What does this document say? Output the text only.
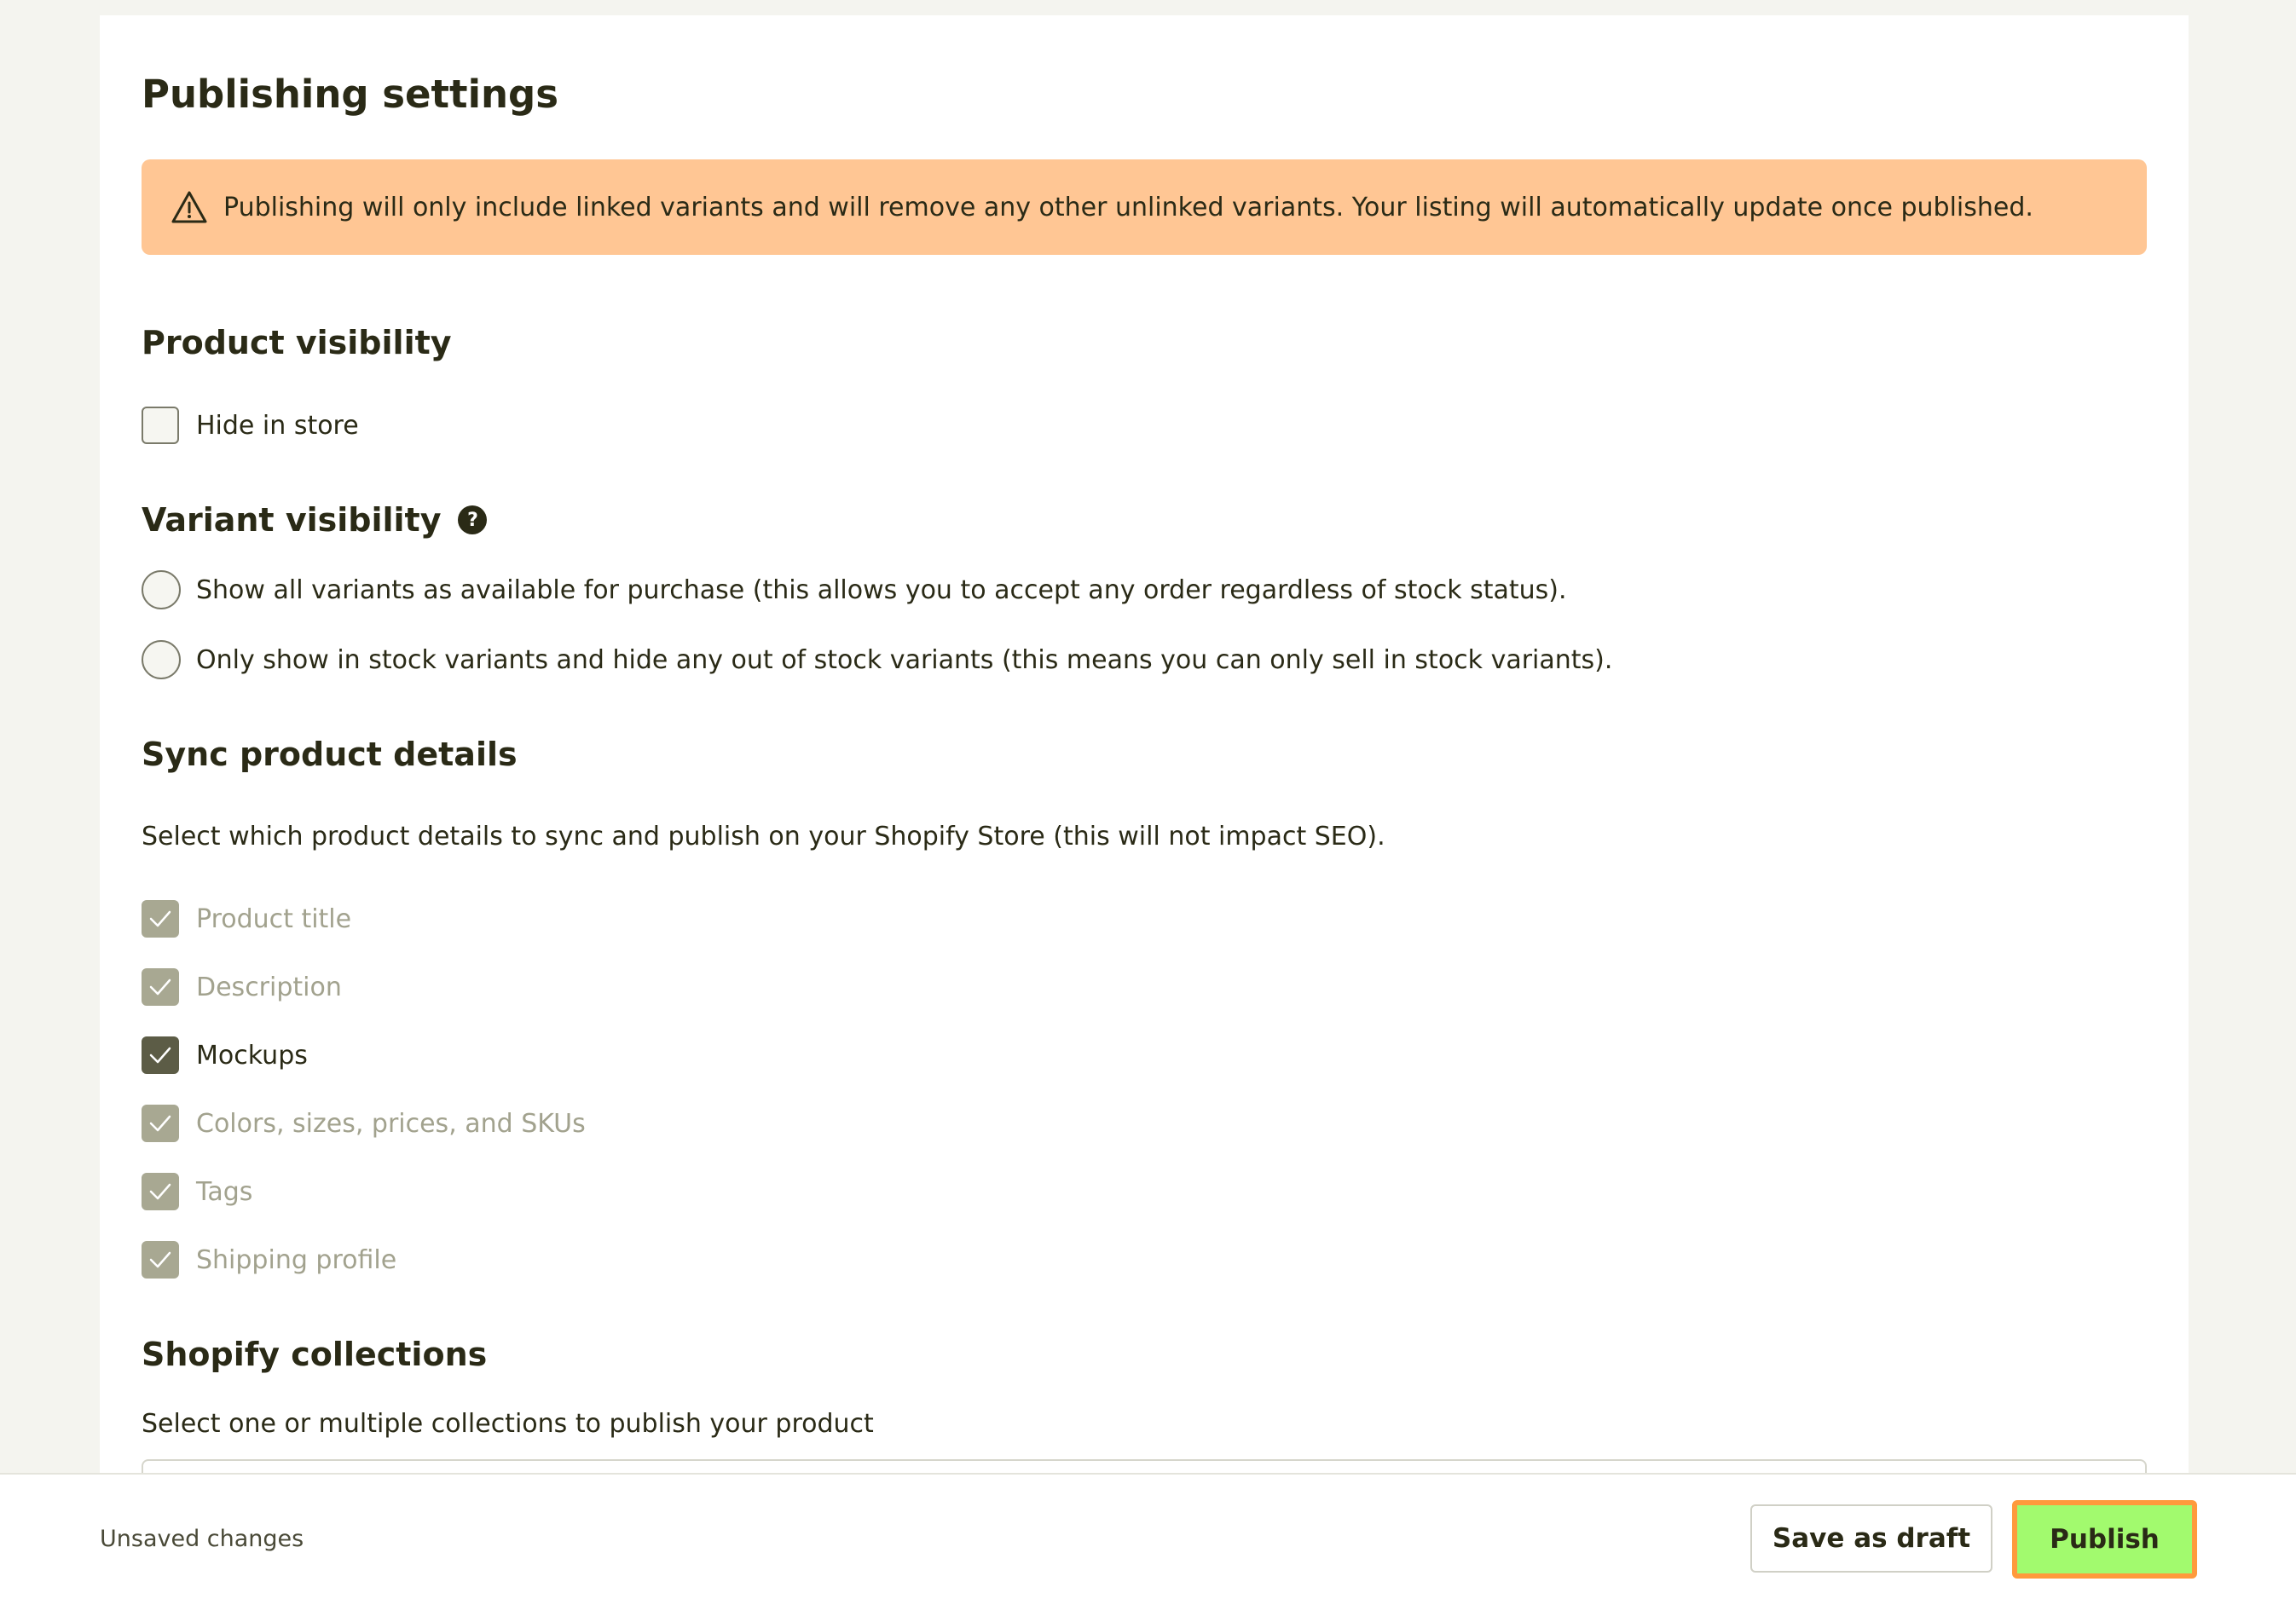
Publishing settings
Publishing will only include linked variants and will remove any other unlinked variants. Your listing will automatically update once published.
Product visibility
Hide in store
Variant visibility	?
Show all variants as available for purchase (this allows you to accept any order regardless of stock status).
Only show in stock variants and hide any out of stock variants (this means you can only sell in stock variants).
Sync product details

Select which product details to sync and publish on your Shopify Store (this will not impact SEO).

Product title
Description
Mockups
Colors, sizes, prices, and SKUs
Tags
Shipping profile
Shopify collections

Select one or multiple collections to publish your product

Unsaved changes	Save as draft	Publish
